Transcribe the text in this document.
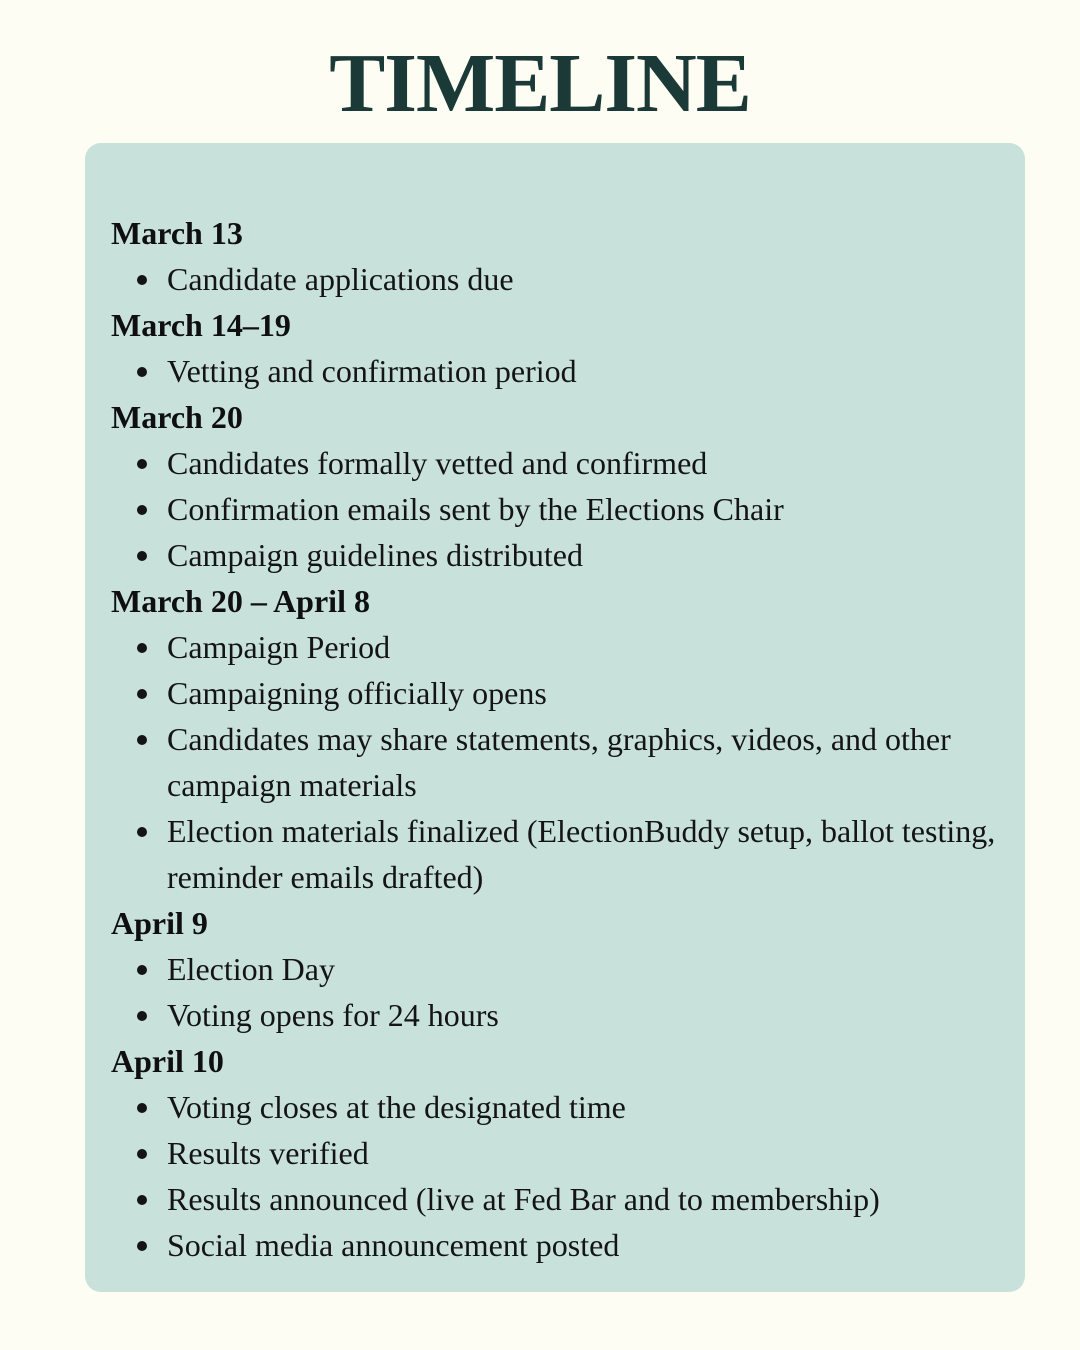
TIMELINE
March 13
Candidate applications due
March 14–19
Vetting and confirmation period
March 20
Candidates formally vetted and confirmed
Confirmation emails sent by the Elections Chair
Campaign guidelines distributed
March 20 – April 8
Campaign Period
Campaigning officially opens
Candidates may share statements, graphics, videos, and other campaign materials
Election materials finalized (ElectionBuddy setup, ballot testing, reminder emails drafted)
April 9
Election Day
Voting opens for 24 hours
April 10
Voting closes at the designated time
Results verified
Results announced (live at Fed Bar and to membership)
Social media announcement posted
